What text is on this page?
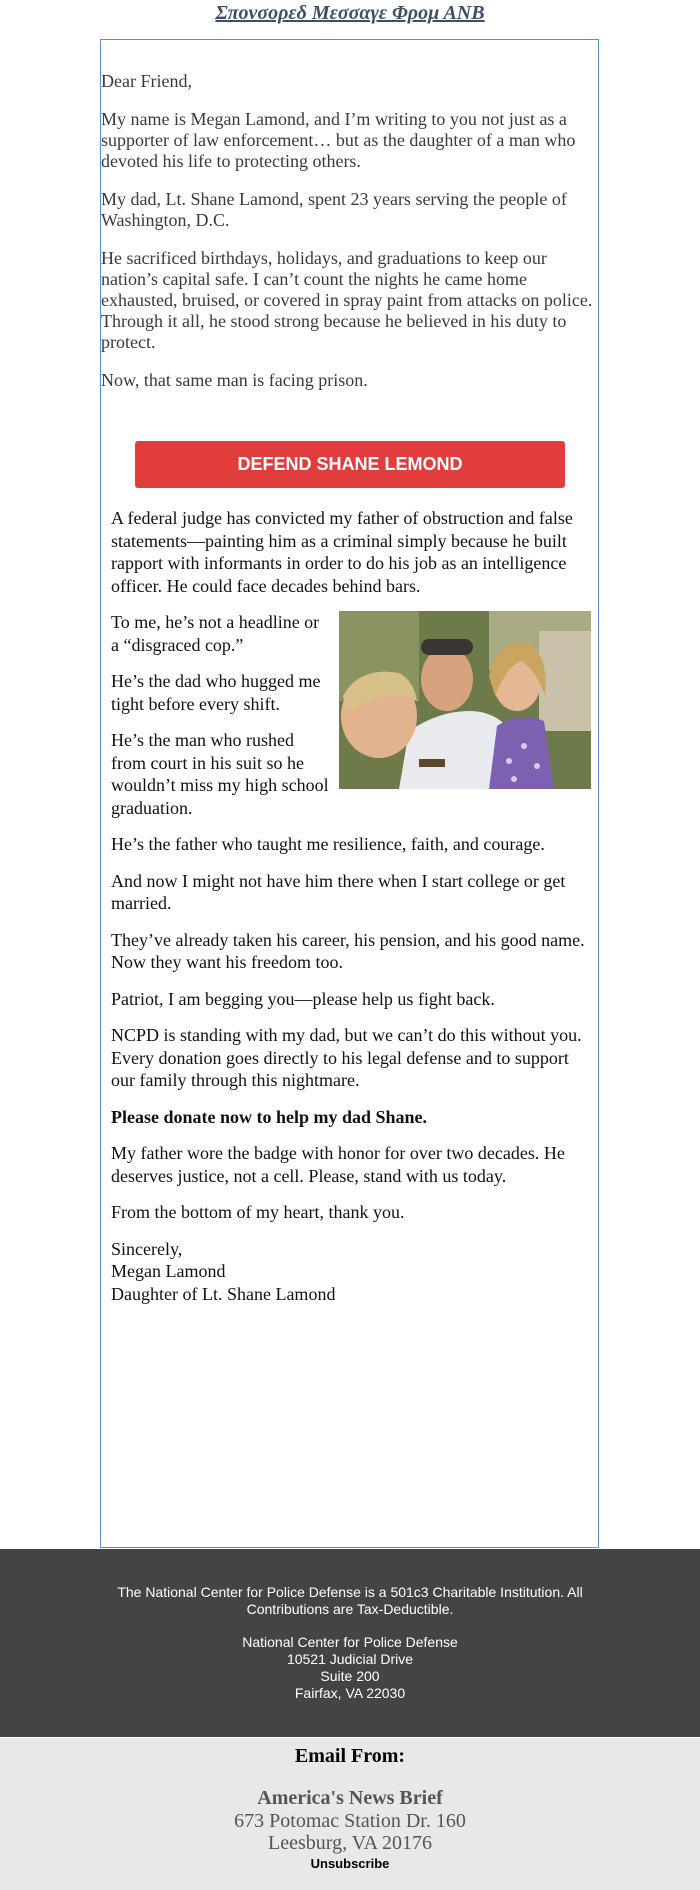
Σπονσορεδ Μεσσαγε Φρομ ΑΝΒ

Dear Friend,

My name is Megan Lamond, and I’m writing to you not just as a supporter of law enforcement… but as the daughter of a man who devoted his life to protecting others.

My dad, Lt. Shane Lamond, spent 23 years serving the people of Washington, D.C.

He sacrificed birthdays, holidays, and graduations to keep our nation’s capital safe. I can’t count the nights he came home exhausted, bruised, or covered in spray paint from attacks on police. Through it all, he stood strong because he believed in his duty to protect.

Now, that same man is facing prison.

DEFEND SHANE LEMOND

A federal judge has convicted my father of obstruction and false statements—painting him as a criminal simply because he built rapport with informants in order to do his job as an intelligence officer. He could face decades behind bars.

To me, he’s not a headline or a “disgraced cop.”

He’s the dad who hugged me tight before every shift.

He’s the man who rushed from court in his suit so he wouldn’t miss my high school graduation.

He’s the father who taught me resilience, faith, and courage.

And now I might not have him there when I start college or get married.

They’ve already taken his career, his pension, and his good name. Now they want his freedom too.

Patriot, I am begging you—please help us fight back.

NCPD is standing with my dad, but we can’t do this without you. Every donation goes directly to his legal defense and to support our family through this nightmare.

Please donate now to help my dad Shane.

My father wore the badge with honor for over two decades. He deserves justice, not a cell. Please, stand with us today.

From the bottom of my heart, thank you.

Sincerely,
Megan Lamond
Daughter of Lt. Shane Lamond

The National Center for Police Defense is a 501c3 Charitable Institution. All Contributions are Tax-Deductible.
National Center for Police Defense
10521 Judicial Drive
Suite 200
Fairfax, VA 22030
Email From:
America's News Brief
673 Potomac Station Dr. 160
Leesburg, VA 20176
Unsubscribe
